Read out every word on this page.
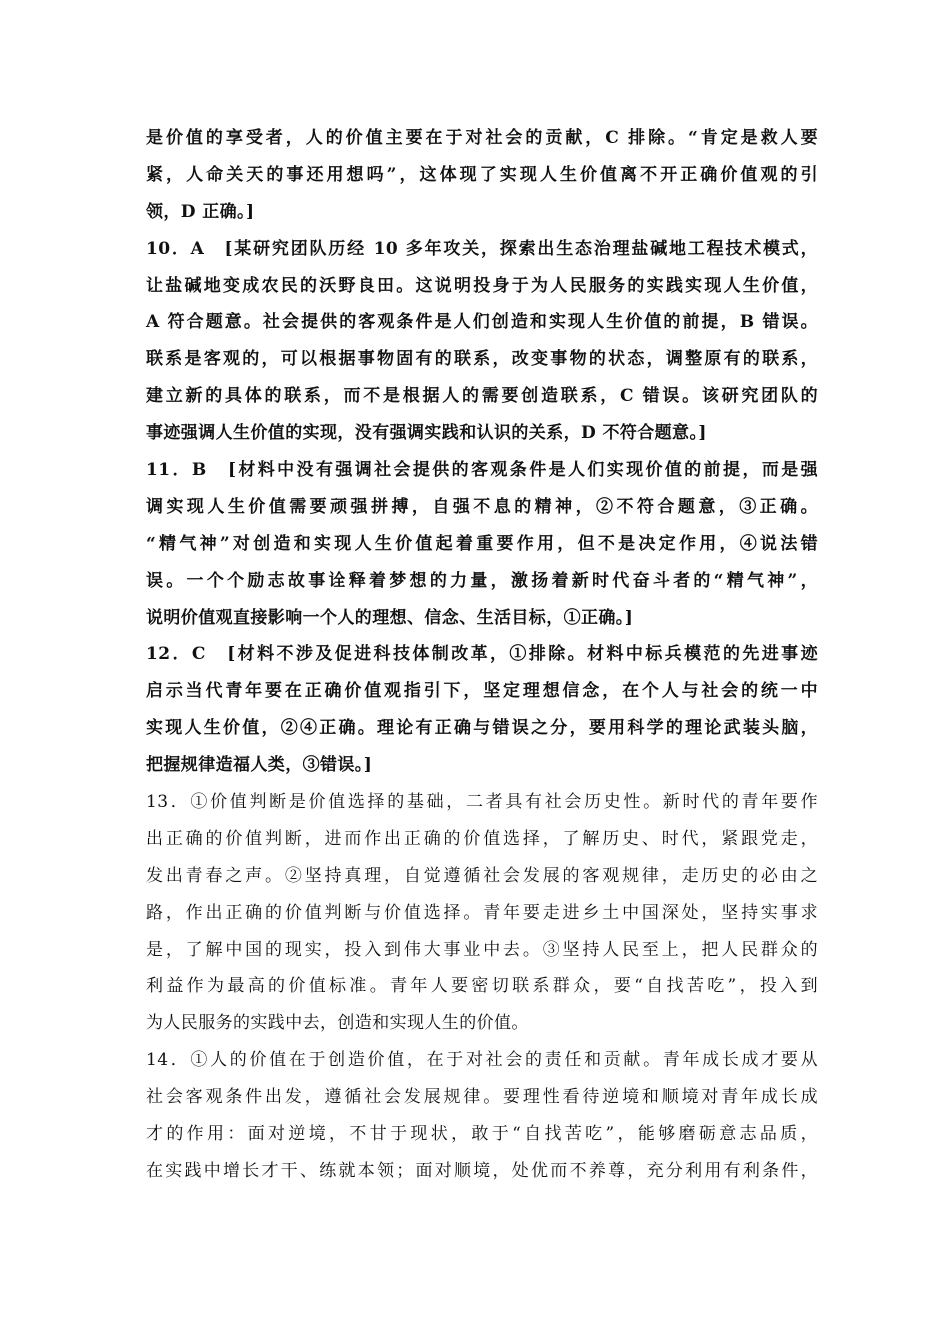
是价值的享受者，人的价值主要在于对社会的贡献，C 排除。“肯定是救人要
紧，人命关天的事还用想吗”，这体现了实现人生价值离不开正确价值观的引
领，D 正确。]
10．A　[某研究团队历经 10 多年攻关，探索出生态治理盐碱地工程技术模式，
让盐碱地变成农民的沃野良田。这说明投身于为人民服务的实践实现人生价值，
A 符合题意。社会提供的客观条件是人们创造和实现人生价值的前提，B 错误。
联系是客观的，可以根据事物固有的联系，改变事物的状态，调整原有的联系，
建立新的具体的联系，而不是根据人的需要创造联系，C 错误。该研究团队的
事迹强调人生价值的实现，没有强调实践和认识的关系，D 不符合题意。]
11．B　[材料中没有强调社会提供的客观条件是人们实现价值的前提，而是强
调实现人生价值需要顽强拼搏，自强不息的精神，②不符合题意，③正确。
“精气神”对创造和实现人生价值起着重要作用，但不是决定作用，④说法错
误。一个个励志故事诠释着梦想的力量，激扬着新时代奋斗者的“精气神”，
说明价值观直接影响一个人的理想、信念、生活目标，①正确。]
12．C　[材料不涉及促进科技体制改革，①排除。材料中标兵模范的先进事迹
启示当代青年要在正确价值观指引下，坚定理想信念，在个人与社会的统一中
实现人生价值，②④正确。理论有正确与错误之分，要用科学的理论武装头脑，
把握规律造福人类，③错误。]
13．①价值判断是价值选择的基础，二者具有社会历史性。新时代的青年要作
出正确的价值判断，进而作出正确的价值选择，了解历史、时代，紧跟党走，
发出青春之声。②坚持真理，自觉遵循社会发展的客观规律，走历史的必由之
路，作出正确的价值判断与价值选择。青年要走进乡土中国深处，坚持实事求
是，了解中国的现实，投入到伟大事业中去。③坚持人民至上，把人民群众的
利益作为最高的价值标准。青年人要密切联系群众，要“自找苦吃”，投入到
为人民服务的实践中去，创造和实现人生的价值。
14．①人的价值在于创造价值，在于对社会的责任和贡献。青年成长成才要从
社会客观条件出发，遵循社会发展规律。要理性看待逆境和顺境对青年成长成
才的作用：面对逆境，不甘于现状，敢于“自找苦吃”，能够磨砺意志品质，
在实践中增长才干、练就本领；面对顺境，处优而不养尊，充分利用有利条件，
